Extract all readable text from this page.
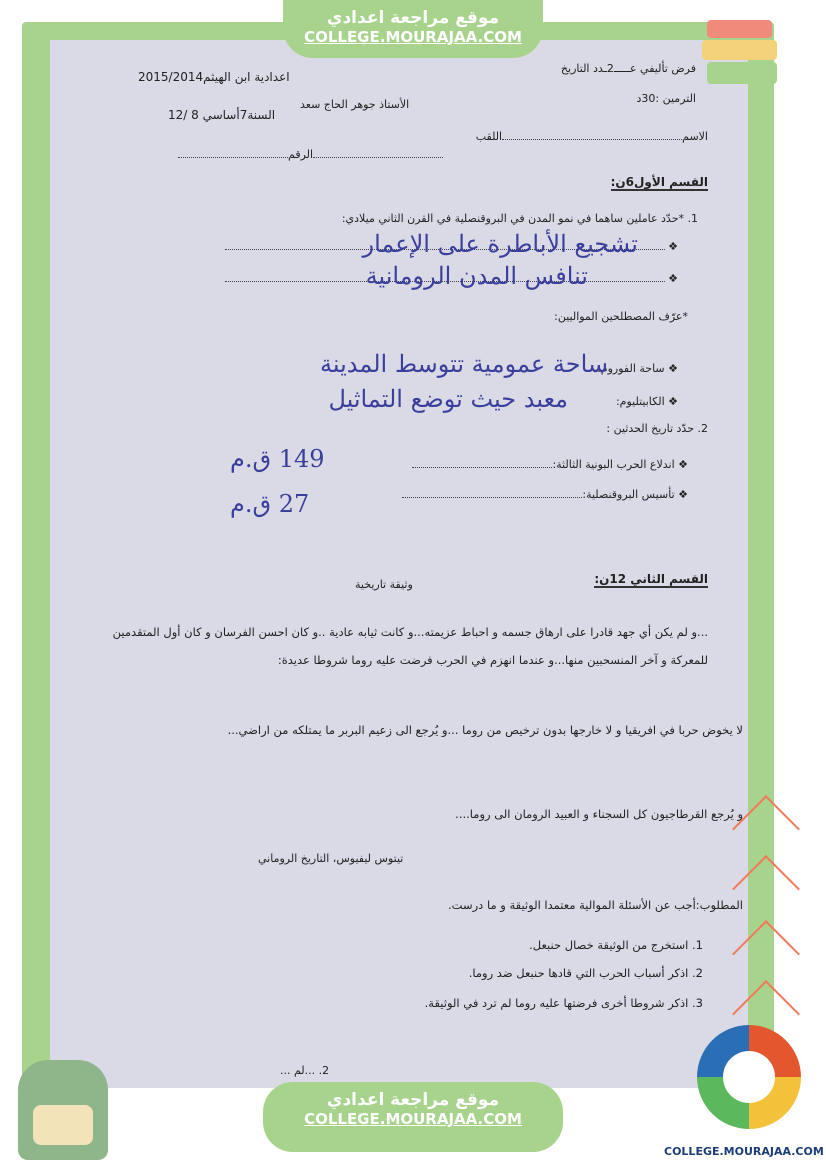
فرض تأليفي عـــــ2ـدد التاريخ
اعدادية ابن الهيثم2015/2014
الترمين :30د
الأستاذ جوهر الحاج سعد
السنة7أساسي 8 /12
الاسماللقب
الرقم
القسم الأول6ن:
1. *حدّد عاملين ساهما في نمو المدن في البروقنصلية في القرن الثاني ميلادي:
❖
تشجيع الأباطرة على الإعمار
❖
تنافس المدن الرومانية
*عرّف المصطلحين المواليين:
❖ ساحة الفوروم:
ساحة عمومية تتوسط المدينة
❖ الكابيتليوم:
معبد حيث توضع التماثيل
2. حدّد تاريخ الحدثين :
❖ اندلاع الحرب البونية الثالثة:
149 ق.م
❖ تأسيس البروقنصلية:
27 ق.م
القسم الثاني 12ن:
وثيقة تاريخية
...و لم يكن أي جهد قادرا على ارهاق جسمه و احباط عزيمته...و كانت ثيابه عادية ..و كان احسن الفرسان و كان أول المتقدمين للمعركة و آخر المنسحبين منها...و عندما انهزم في الحرب فرضت عليه روما شروطا عديدة:
لا يخوض حربا في افريقيا و لا خارجها بدون ترخيص من روما ...و يُرجع الى زعيم البربر ما يمتلكه من اراضي...
و يُرجع القرطاجيون كل السجناء و العبيد الرومان الى روما....
تيتوس ليفيوس، التاريخ الروماني
المطلوب:أجب عن الأسئلة الموالية معتمدا الوثيقة و ما درست.
1. استخرج من الوثيقة خصال حنبعل.
2. اذكر أسباب الحرب التي قادها حنبعل ضد روما.
3. اذكر شروطا أخرى فرضتها عليه روما لم ترد في الوثيقة.
2. ...لم ...
موقع مراجعة اعدادي
COLLEGE.MOURAJAA.COM
موقع مراجعة اعدادي
COLLEGE.MOURAJAA.COM
COLLEGE.MOURAJAA.COM
